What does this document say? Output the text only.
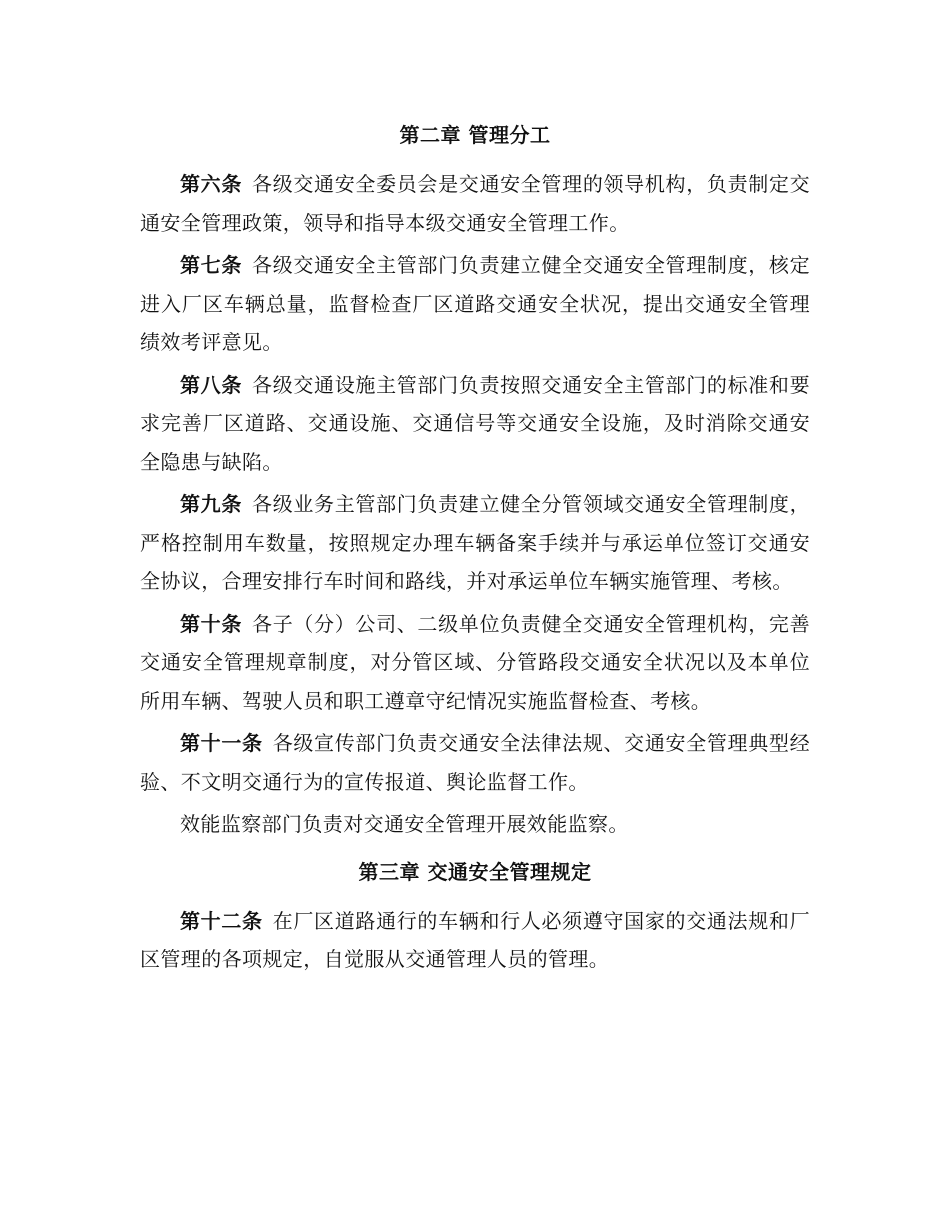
第二章 管理分工

第六条 各级交通安全委员会是交通安全管理的领导机构，负责制定交通安全管理政策，领导和指导本级交通安全管理工作。

第七条 各级交通安全主管部门负责建立健全交通安全管理制度，核定进入厂区车辆总量，监督检查厂区道路交通安全状况，提出交通安全管理绩效考评意见。

第八条 各级交通设施主管部门负责按照交通安全主管部门的标准和要求完善厂区道路、交通设施、交通信号等交通安全设施，及时消除交通安全隐患与缺陷。

第九条 各级业务主管部门负责建立健全分管领域交通安全管理制度，严格控制用车数量，按照规定办理车辆备案手续并与承运单位签订交通安全协议，合理安排行车时间和路线，并对承运单位车辆实施管理、考核。

第十条 各子（分）公司、二级单位负责健全交通安全管理机构，完善交通安全管理规章制度，对分管区域、分管路段交通安全状况以及本单位所用车辆、驾驶人员和职工遵章守纪情况实施监督检查、考核。

第十一条 各级宣传部门负责交通安全法律法规、交通安全管理典型经验、不文明交通行为的宣传报道、舆论监督工作。

效能监察部门负责对交通安全管理开展效能监察。

第三章 交通安全管理规定

第十二条 在厂区道路通行的车辆和行人必须遵守国家的交通法规和厂区管理的各项规定，自觉服从交通管理人员的管理。
